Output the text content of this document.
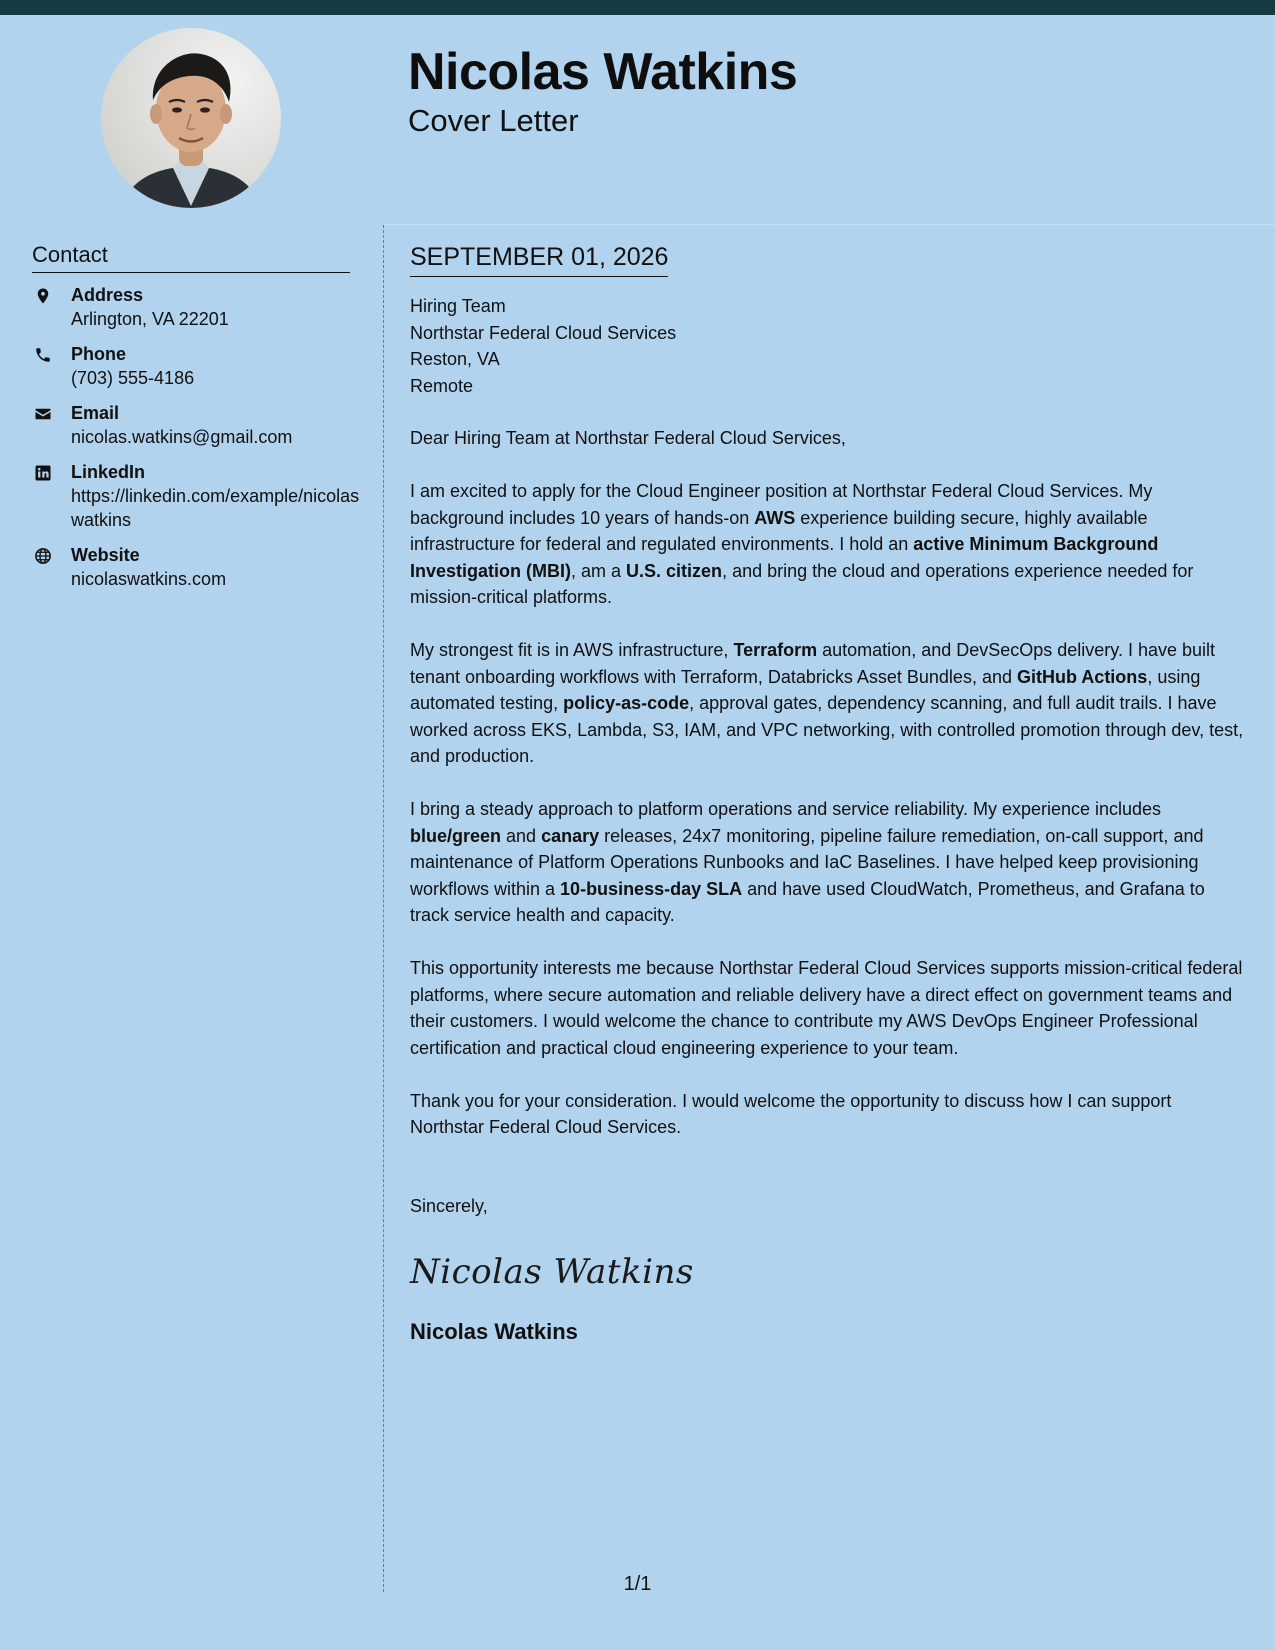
Nicolas Watkins
Cover Letter
Contact
Address
Arlington, VA 22201
Phone
(703) 555-4186
Email
nicolas.watkins@gmail.com
LinkedIn
https://linkedin.com/example/nicolaswatkins
Website
nicolaswatkins.com
SEPTEMBER 01, 2026
Hiring Team
Northstar Federal Cloud Services
Reston, VA
Remote
Dear Hiring Team at Northstar Federal Cloud Services,

I am excited to apply for the Cloud Engineer position at Northstar Federal Cloud Services. My background includes 10 years of hands-on AWS experience building secure, highly available infrastructure for federal and regulated environments. I hold an active Minimum Background Investigation (MBI), am a U.S. citizen, and bring the cloud and operations experience needed for mission-critical platforms.

My strongest fit is in AWS infrastructure, Terraform automation, and DevSecOps delivery. I have built tenant onboarding workflows with Terraform, Databricks Asset Bundles, and GitHub Actions, using automated testing, policy-as-code, approval gates, dependency scanning, and full audit trails. I have worked across EKS, Lambda, S3, IAM, and VPC networking, with controlled promotion through dev, test, and production.

I bring a steady approach to platform operations and service reliability. My experience includes blue/green and canary releases, 24x7 monitoring, pipeline failure remediation, on-call support, and maintenance of Platform Operations Runbooks and IaC Baselines. I have helped keep provisioning workflows within a 10-business-day SLA and have used CloudWatch, Prometheus, and Grafana to track service health and capacity.

This opportunity interests me because Northstar Federal Cloud Services supports mission-critical federal platforms, where secure automation and reliable delivery have a direct effect on government teams and their customers. I would welcome the chance to contribute my AWS DevOps Engineer Professional certification and practical cloud engineering experience to your team.

Thank you for your consideration. I would welcome the opportunity to discuss how I can support Northstar Federal Cloud Services.

Sincerely,
Nicolas Watkins
Nicolas Watkins
1/1
